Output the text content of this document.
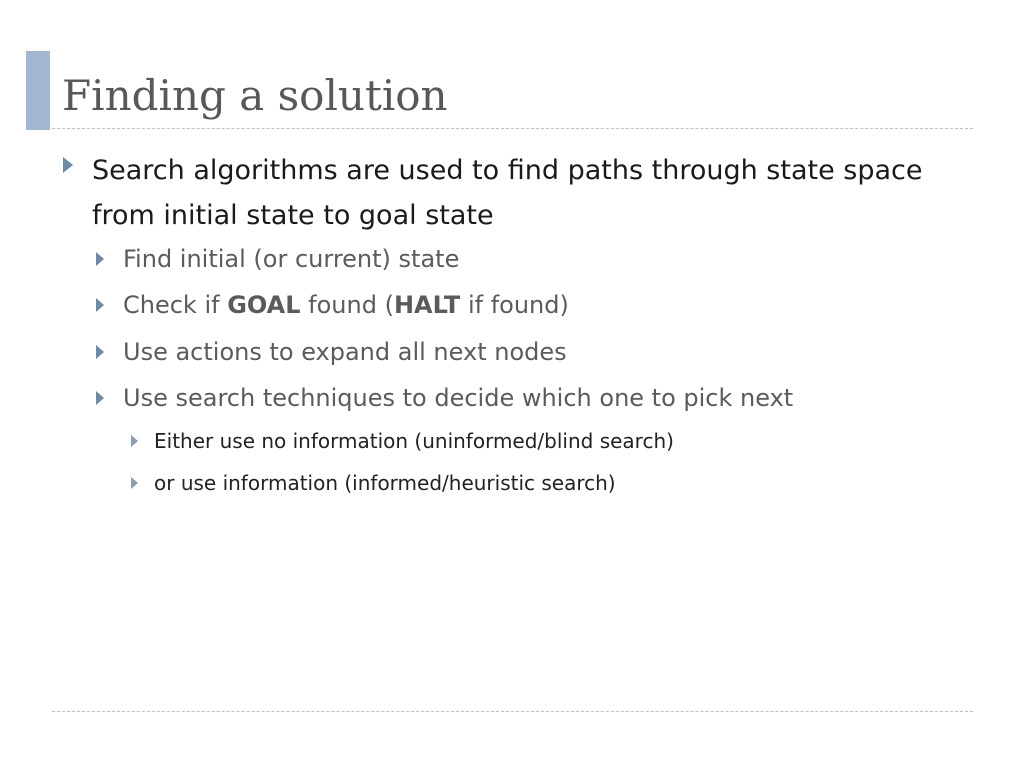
Finding a solution
Search algorithms are used to find paths through state space from initial state to goal state
Find initial (or current) state
Check if GOAL found (HALT if found)
Use actions to expand all next nodes
Use search techniques to decide which one to pick next
Either use no information (uninformed/blind search)
or use information (informed/heuristic search)
